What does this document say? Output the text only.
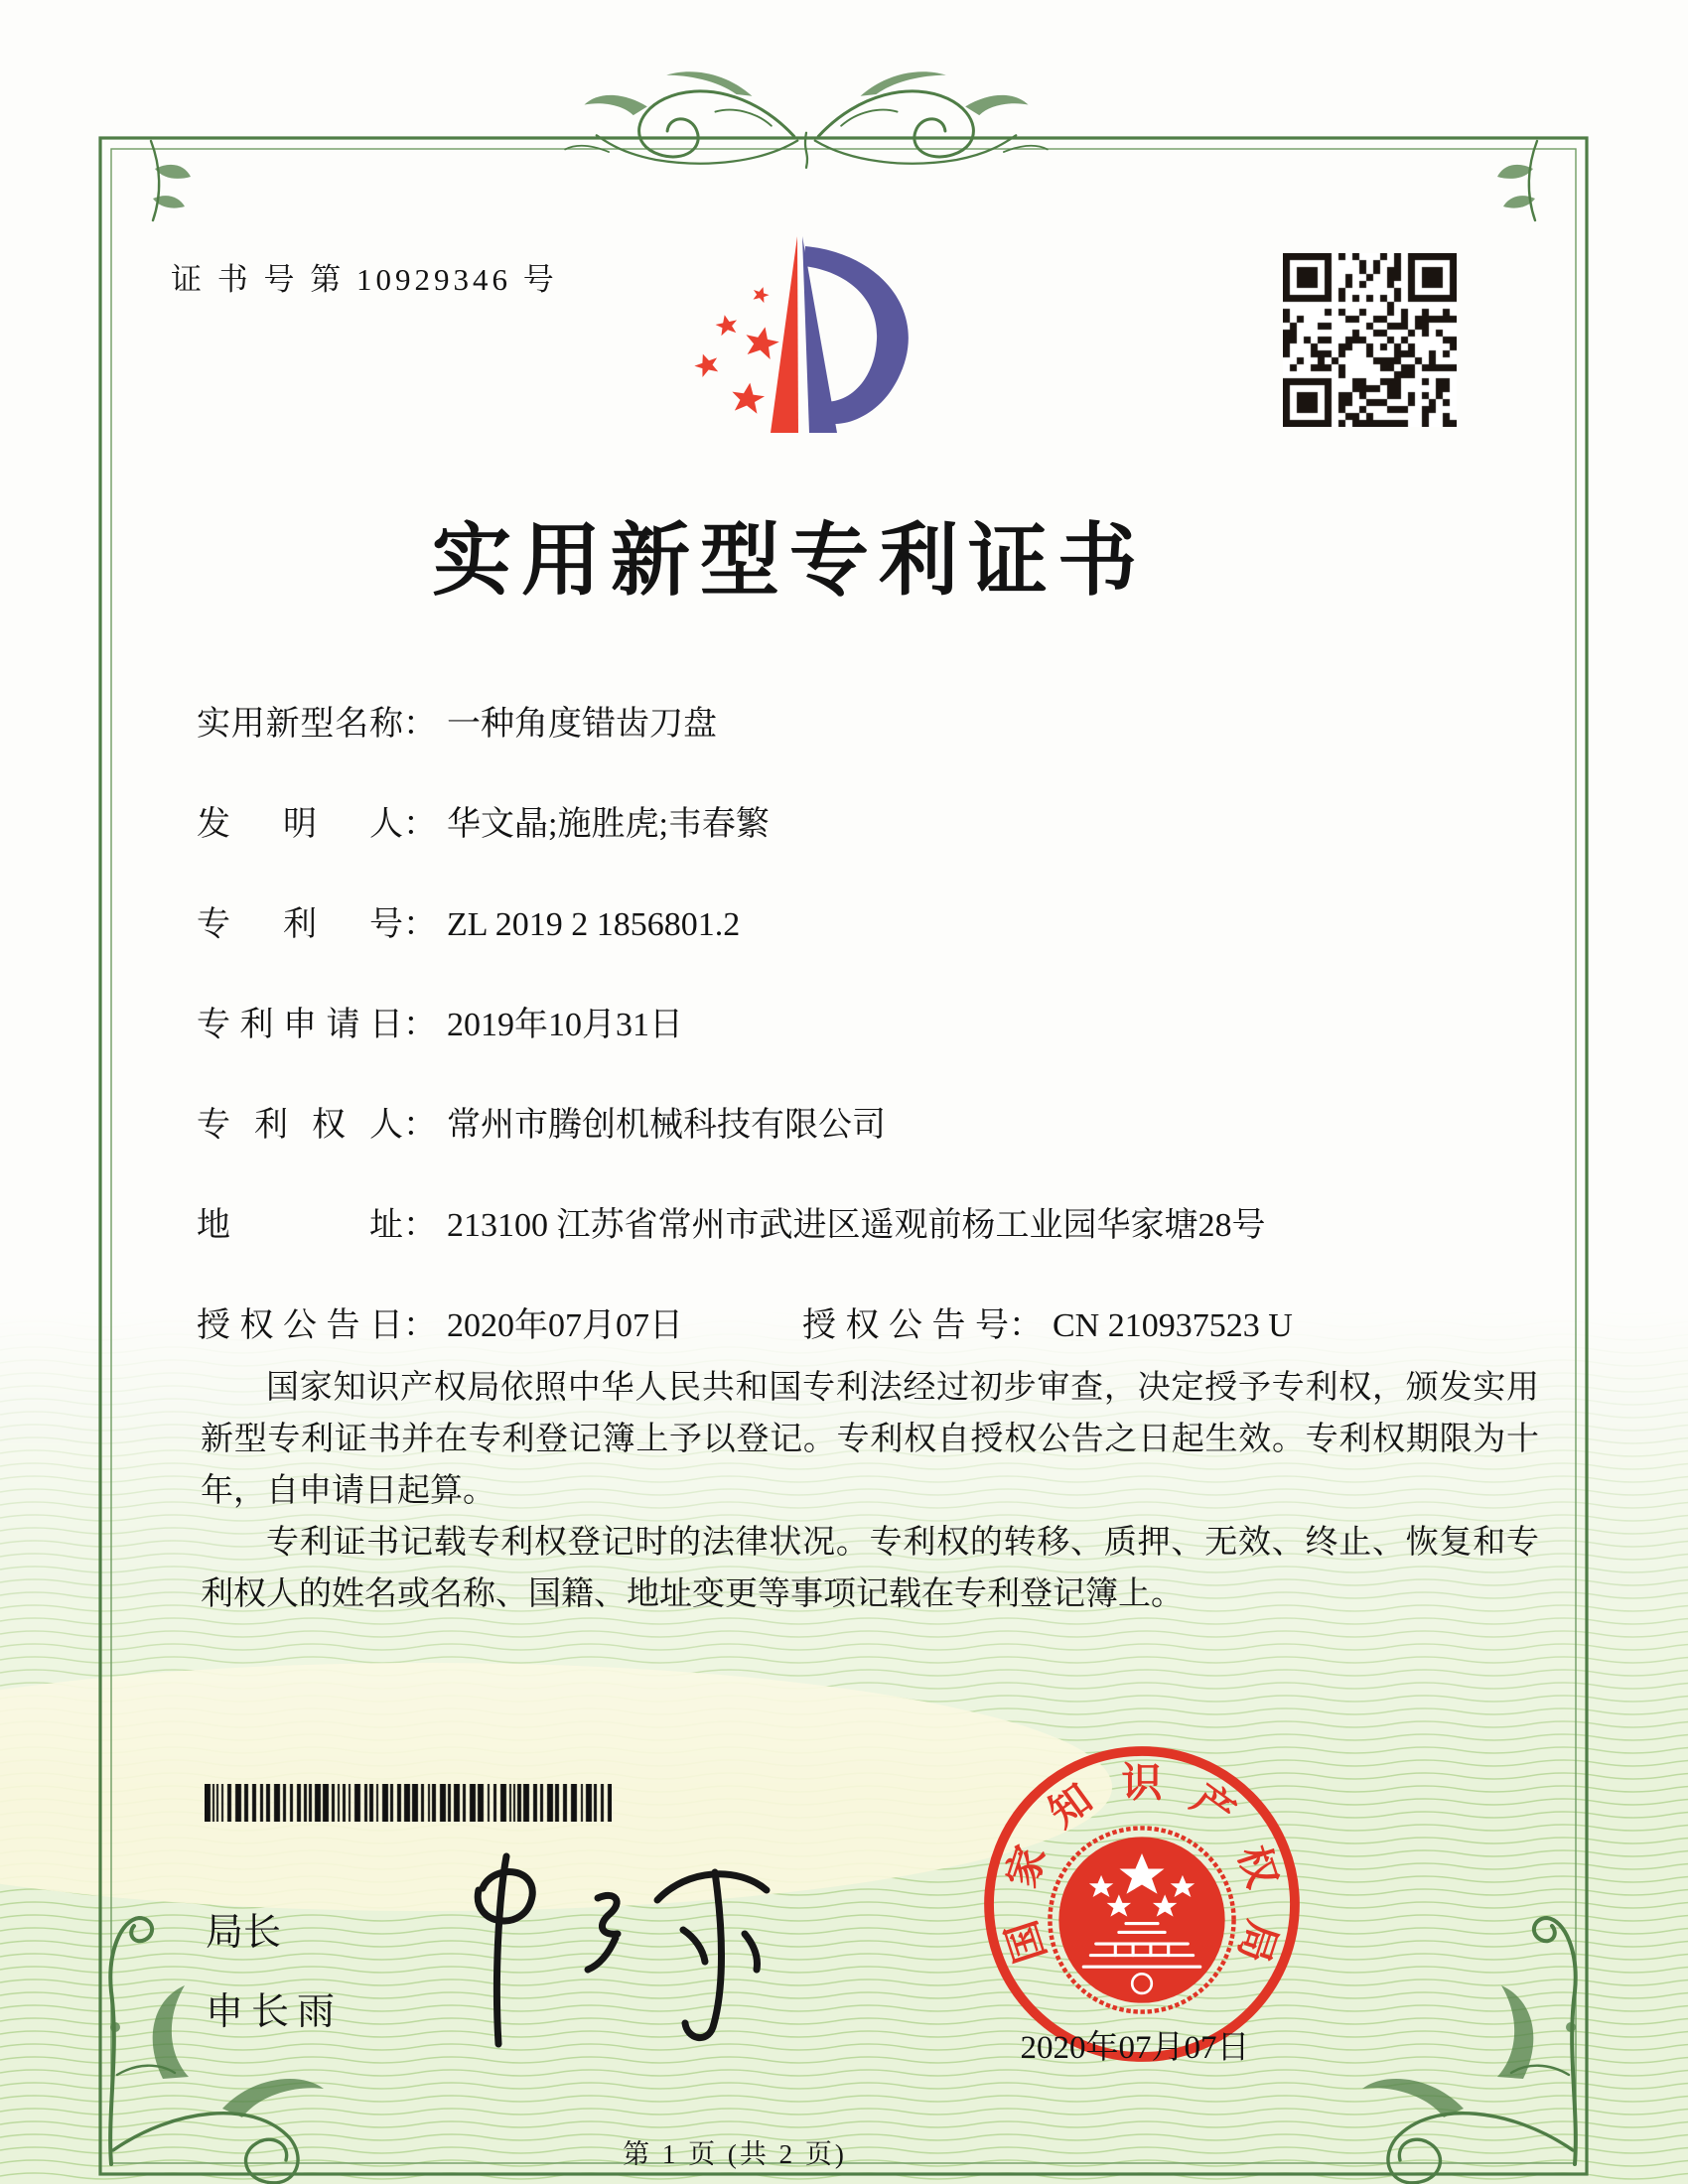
证 书 号 第 10929346 号
实用新型专利证书
实用新型名称： 一种角度错齿刀盘
发明人： 华文晶;施胜虎;韦春繁
专利号： ZL 2019 2 1856801.2
专利申请日： 2019年10月31日
专利权人： 常州市腾创机械科技有限公司
地址： 213100 江苏省常州市武进区遥观前杨工业园华家塘28号
授权公告日： 2020年07月07日	授权公告号： CN 210937523 U

国家知识产权局依照中华人民共和国专利法经过初步审查，决定授予专利权，颁发实用新型专利证书并在专利登记簿上予以登记。专利权自授权公告之日起生效。专利权期限为十年，自申请日起算。

专利证书记载专利权登记时的法律状况。专利权的转移、质押、无效、终止、恢复和专利权人的姓名或名称、国籍、地址变更等事项记载在专利登记簿上。

局长
申长雨
国
家
知 识 产
权
局
2020年07月07日
第 1 页 (共 2 页)
